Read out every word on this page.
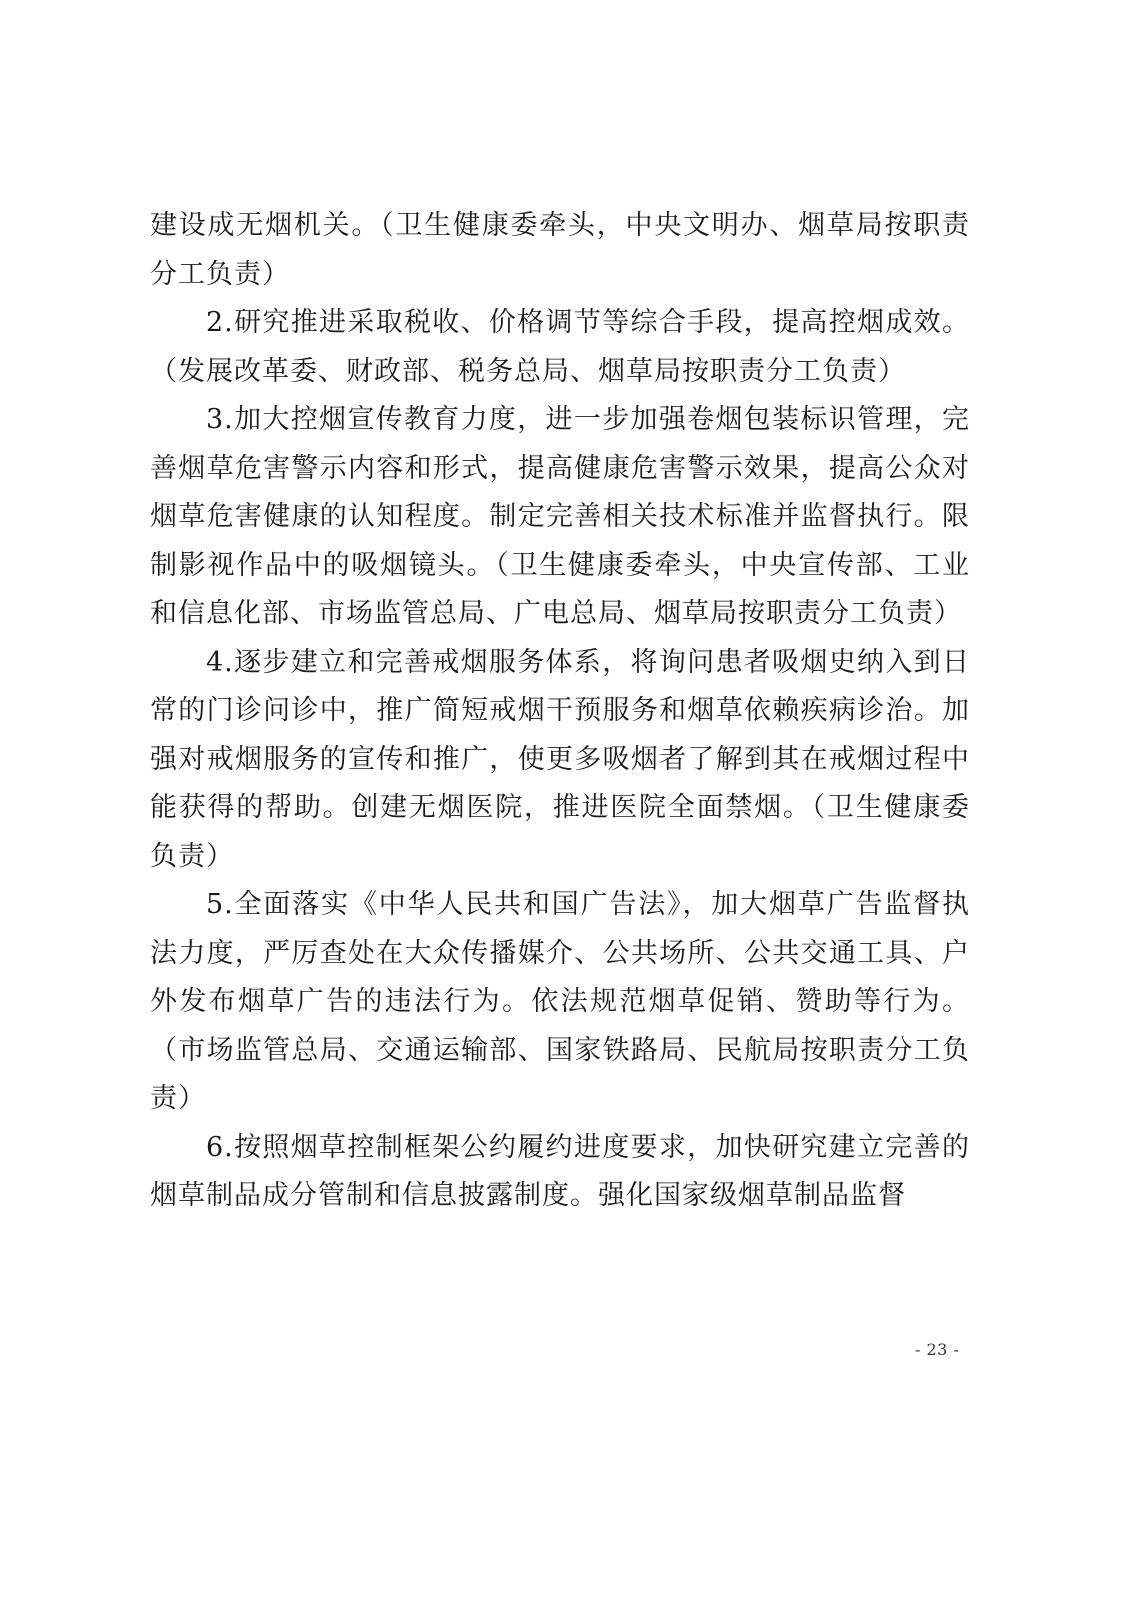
建设成无烟机关。（卫生健康委牵头，中央文明办、烟草局按职责分工负责）

2.研究推进采取税收、价格调节等综合手段，提高控烟成效。（发展改革委、财政部、税务总局、烟草局按职责分工负责）

3.加大控烟宣传教育力度，进一步加强卷烟包装标识管理，完善烟草危害警示内容和形式，提高健康危害警示效果，提高公众对烟草危害健康的认知程度。制定完善相关技术标准并监督执行。限制影视作品中的吸烟镜头。（卫生健康委牵头，中央宣传部、工业和信息化部、市场监管总局、广电总局、烟草局按职责分工负责）

4.逐步建立和完善戒烟服务体系，将询问患者吸烟史纳入到日常的门诊问诊中，推广简短戒烟干预服务和烟草依赖疾病诊治。加强对戒烟服务的宣传和推广，使更多吸烟者了解到其在戒烟过程中能获得的帮助。创建无烟医院，推进医院全面禁烟。（卫生健康委负责）

5.全面落实《中华人民共和国广告法》，加大烟草广告监督执法力度，严厉查处在大众传播媒介、公共场所、公共交通工具、户外发布烟草广告的违法行为。依法规范烟草促销、赞助等行为。（市场监管总局、交通运输部、国家铁路局、民航局按职责分工负责）

6.按照烟草控制框架公约履约进度要求，加快研究建立完善的烟草制品成分管制和信息披露制度。强化国家级烟草制品监督

- 23 -
